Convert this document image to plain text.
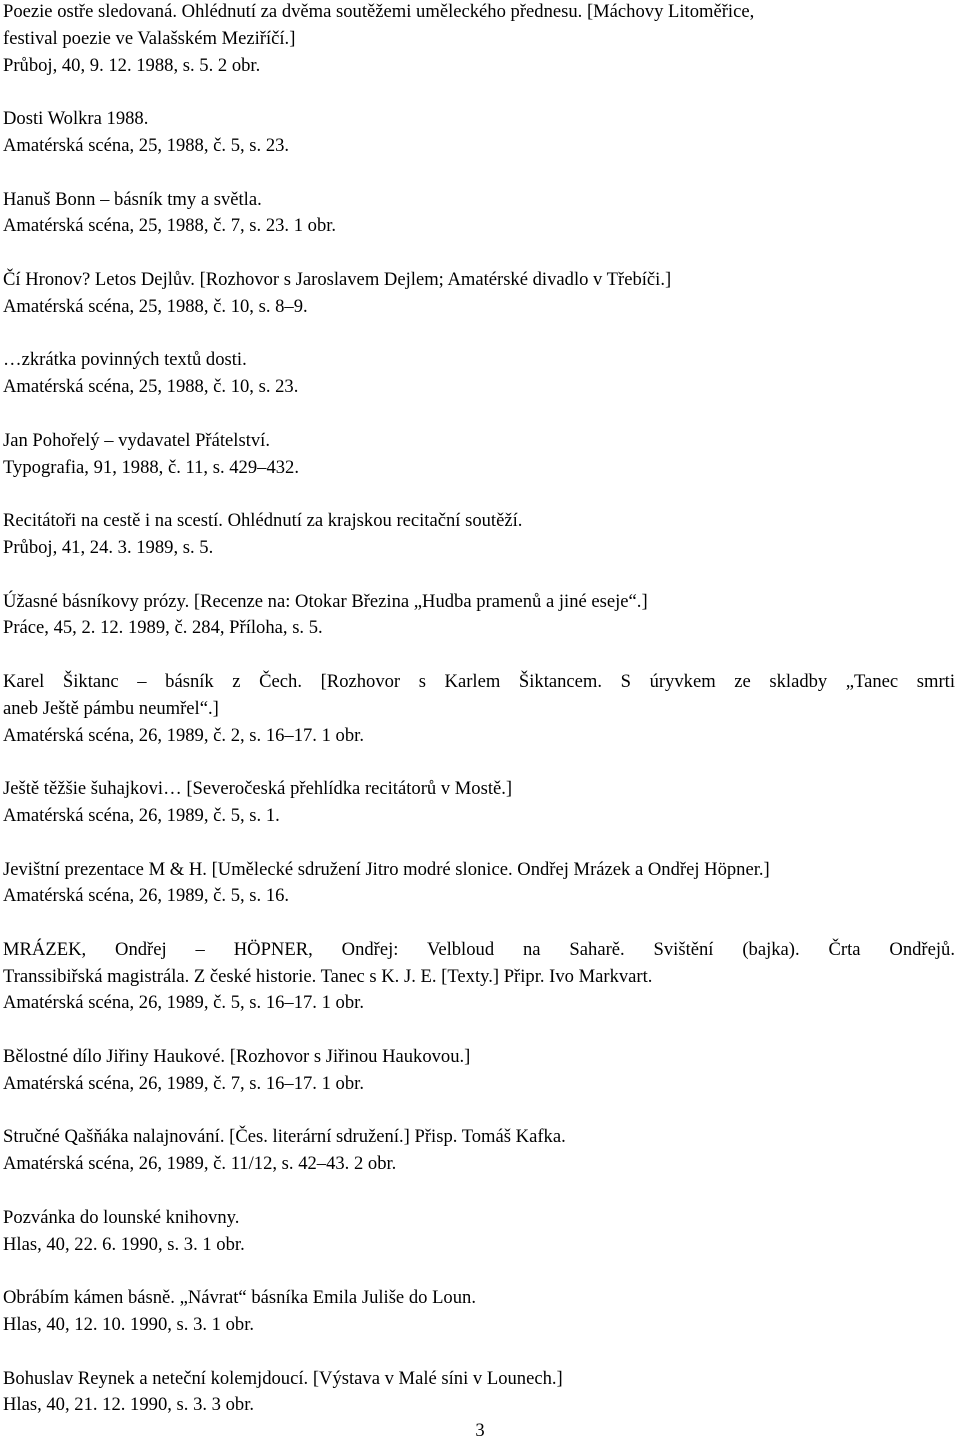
Poezie ostře sledovaná. Ohlédnutí za dvěma soutěžemi uměleckého přednesu. [Máchovy Litoměřice,
festival poezie ve Valašském Meziříčí.]
Průboj, 40, 9. 12. 1988, s. 5. 2 obr.
Dosti Wolkra 1988.
Amatérská scéna, 25, 1988, č. 5, s. 23.
Hanuš Bonn – básník tmy a světla.
Amatérská scéna, 25, 1988, č. 7, s. 23. 1 obr.
Čí Hronov? Letos Dejlův. [Rozhovor s Jaroslavem Dejlem; Amatérské divadlo v Třebíči.]
Amatérská scéna, 25, 1988, č. 10, s. 8–9.
…zkrátka povinných textů dosti.
Amatérská scéna, 25, 1988, č. 10, s. 23.
Jan Pohořelý – vydavatel Přátelství.
Typografia, 91, 1988, č. 11, s. 429–432.
Recitátoři na cestě i na scestí. Ohlédnutí za krajskou recitační soutěží.
Průboj, 41, 24. 3. 1989, s. 5.
Úžasné básníkovy prózy. [Recenze na: Otokar Březina „Hudba pramenů a jiné eseje“.]
Práce, 45, 2. 12. 1989, č. 284, Příloha, s. 5.
Karel Šiktanc – básník z Čech. [Rozhovor s Karlem Šiktancem. S úryvkem ze skladby „Tanec smrti
aneb Ještě pámbu neumřel“.]
Amatérská scéna, 26, 1989, č. 2, s. 16–17. 1 obr.
Ještě těžšie šuhajkovi… [Severočeská přehlídka recitátorů v Mostě.]
Amatérská scéna, 26, 1989, č. 5, s. 1.
Jevištní prezentace M & H. [Umělecké sdružení Jitro modré slonice. Ondřej Mrázek a Ondřej Höpner.]
Amatérská scéna, 26, 1989, č. 5, s. 16.
MRÁZEK, Ondřej – HÖPNER, Ondřej: Velbloud na Saharě. Svištění (bajka). Črta Ondřejů.
Transsibiřská magistrála. Z české historie. Tanec s K. J. E. [Texty.] Připr. Ivo Markvart.
Amatérská scéna, 26, 1989, č. 5, s. 16–17. 1 obr.
Bělostné dílo Jiřiny Haukové. [Rozhovor s Jiřinou Haukovou.]
Amatérská scéna, 26, 1989, č. 7, s. 16–17. 1 obr.
Stručné Qašňáka nalajnování. [Čes. literární sdružení.] Přisp. Tomáš Kafka.
Amatérská scéna, 26, 1989, č. 11/12, s. 42–43. 2 obr.
Pozvánka do lounské knihovny.
Hlas, 40, 22. 6. 1990, s. 3. 1 obr.
Obrábím kámen básně. „Návrat“ básníka Emila Juliše do Loun.
Hlas, 40, 12. 10. 1990, s. 3. 1 obr.
Bohuslav Reynek a neteční kolemjdoucí. [Výstava v Malé síni v Lounech.]
Hlas, 40, 21. 12. 1990, s. 3. 3 obr.
3
